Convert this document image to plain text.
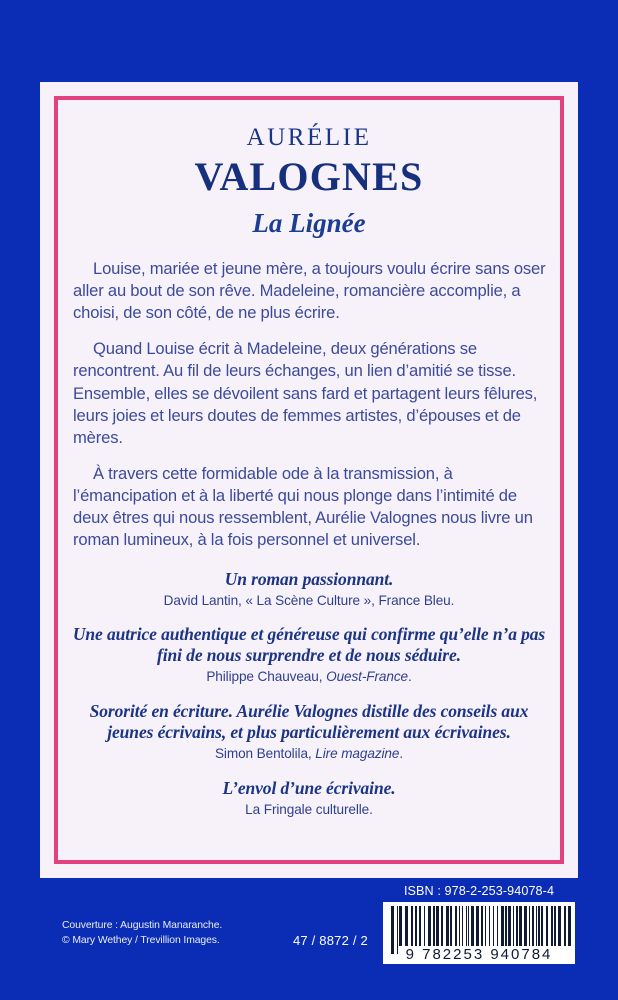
AURÉLIE
VALOGNES
La Lignée

Louise, mariée et jeune mère, a toujours voulu écrire sans oser aller au bout de son rêve. Madeleine, romancière accomplie, a choisi, de son côté, de ne plus écrire.

Quand Louise écrit à Madeleine, deux générations se rencontrent. Au fil de leurs échanges, un lien d’amitié se tisse. Ensemble, elles se dévoilent sans fard et partagent leurs fêlures, leurs joies et leurs doutes de femmes artistes, d’épouses et de mères.

À travers cette formidable ode à la transmission, à l’émancipation et à la liberté qui nous plonge dans l’intimité de deux êtres qui nous ressemblent, Aurélie Valognes nous livre un roman lumineux, à la fois personnel et universel.

Un roman passionnant.
David Lantin, « La Scène Culture », France Bleu.
Une autrice authentique et généreuse qui confirme qu’elle n’a pas fini de nous surprendre et de nous séduire.
Philippe Chauveau, Ouest-France.
Sororité en écriture. Aurélie Valognes distille des conseils aux jeunes écrivains, et plus particulièrement aux écrivaines.
Simon Bentolila, Lire magazine.
L’envol d’une écrivaine.
La Fringale culturelle.
Couverture : Augustin Manaranche.
© Mary Wethey / Trevillion Images.	47 / 8872 / 2
ISBN : 978-2-253-94078-4
9 782253 940784
